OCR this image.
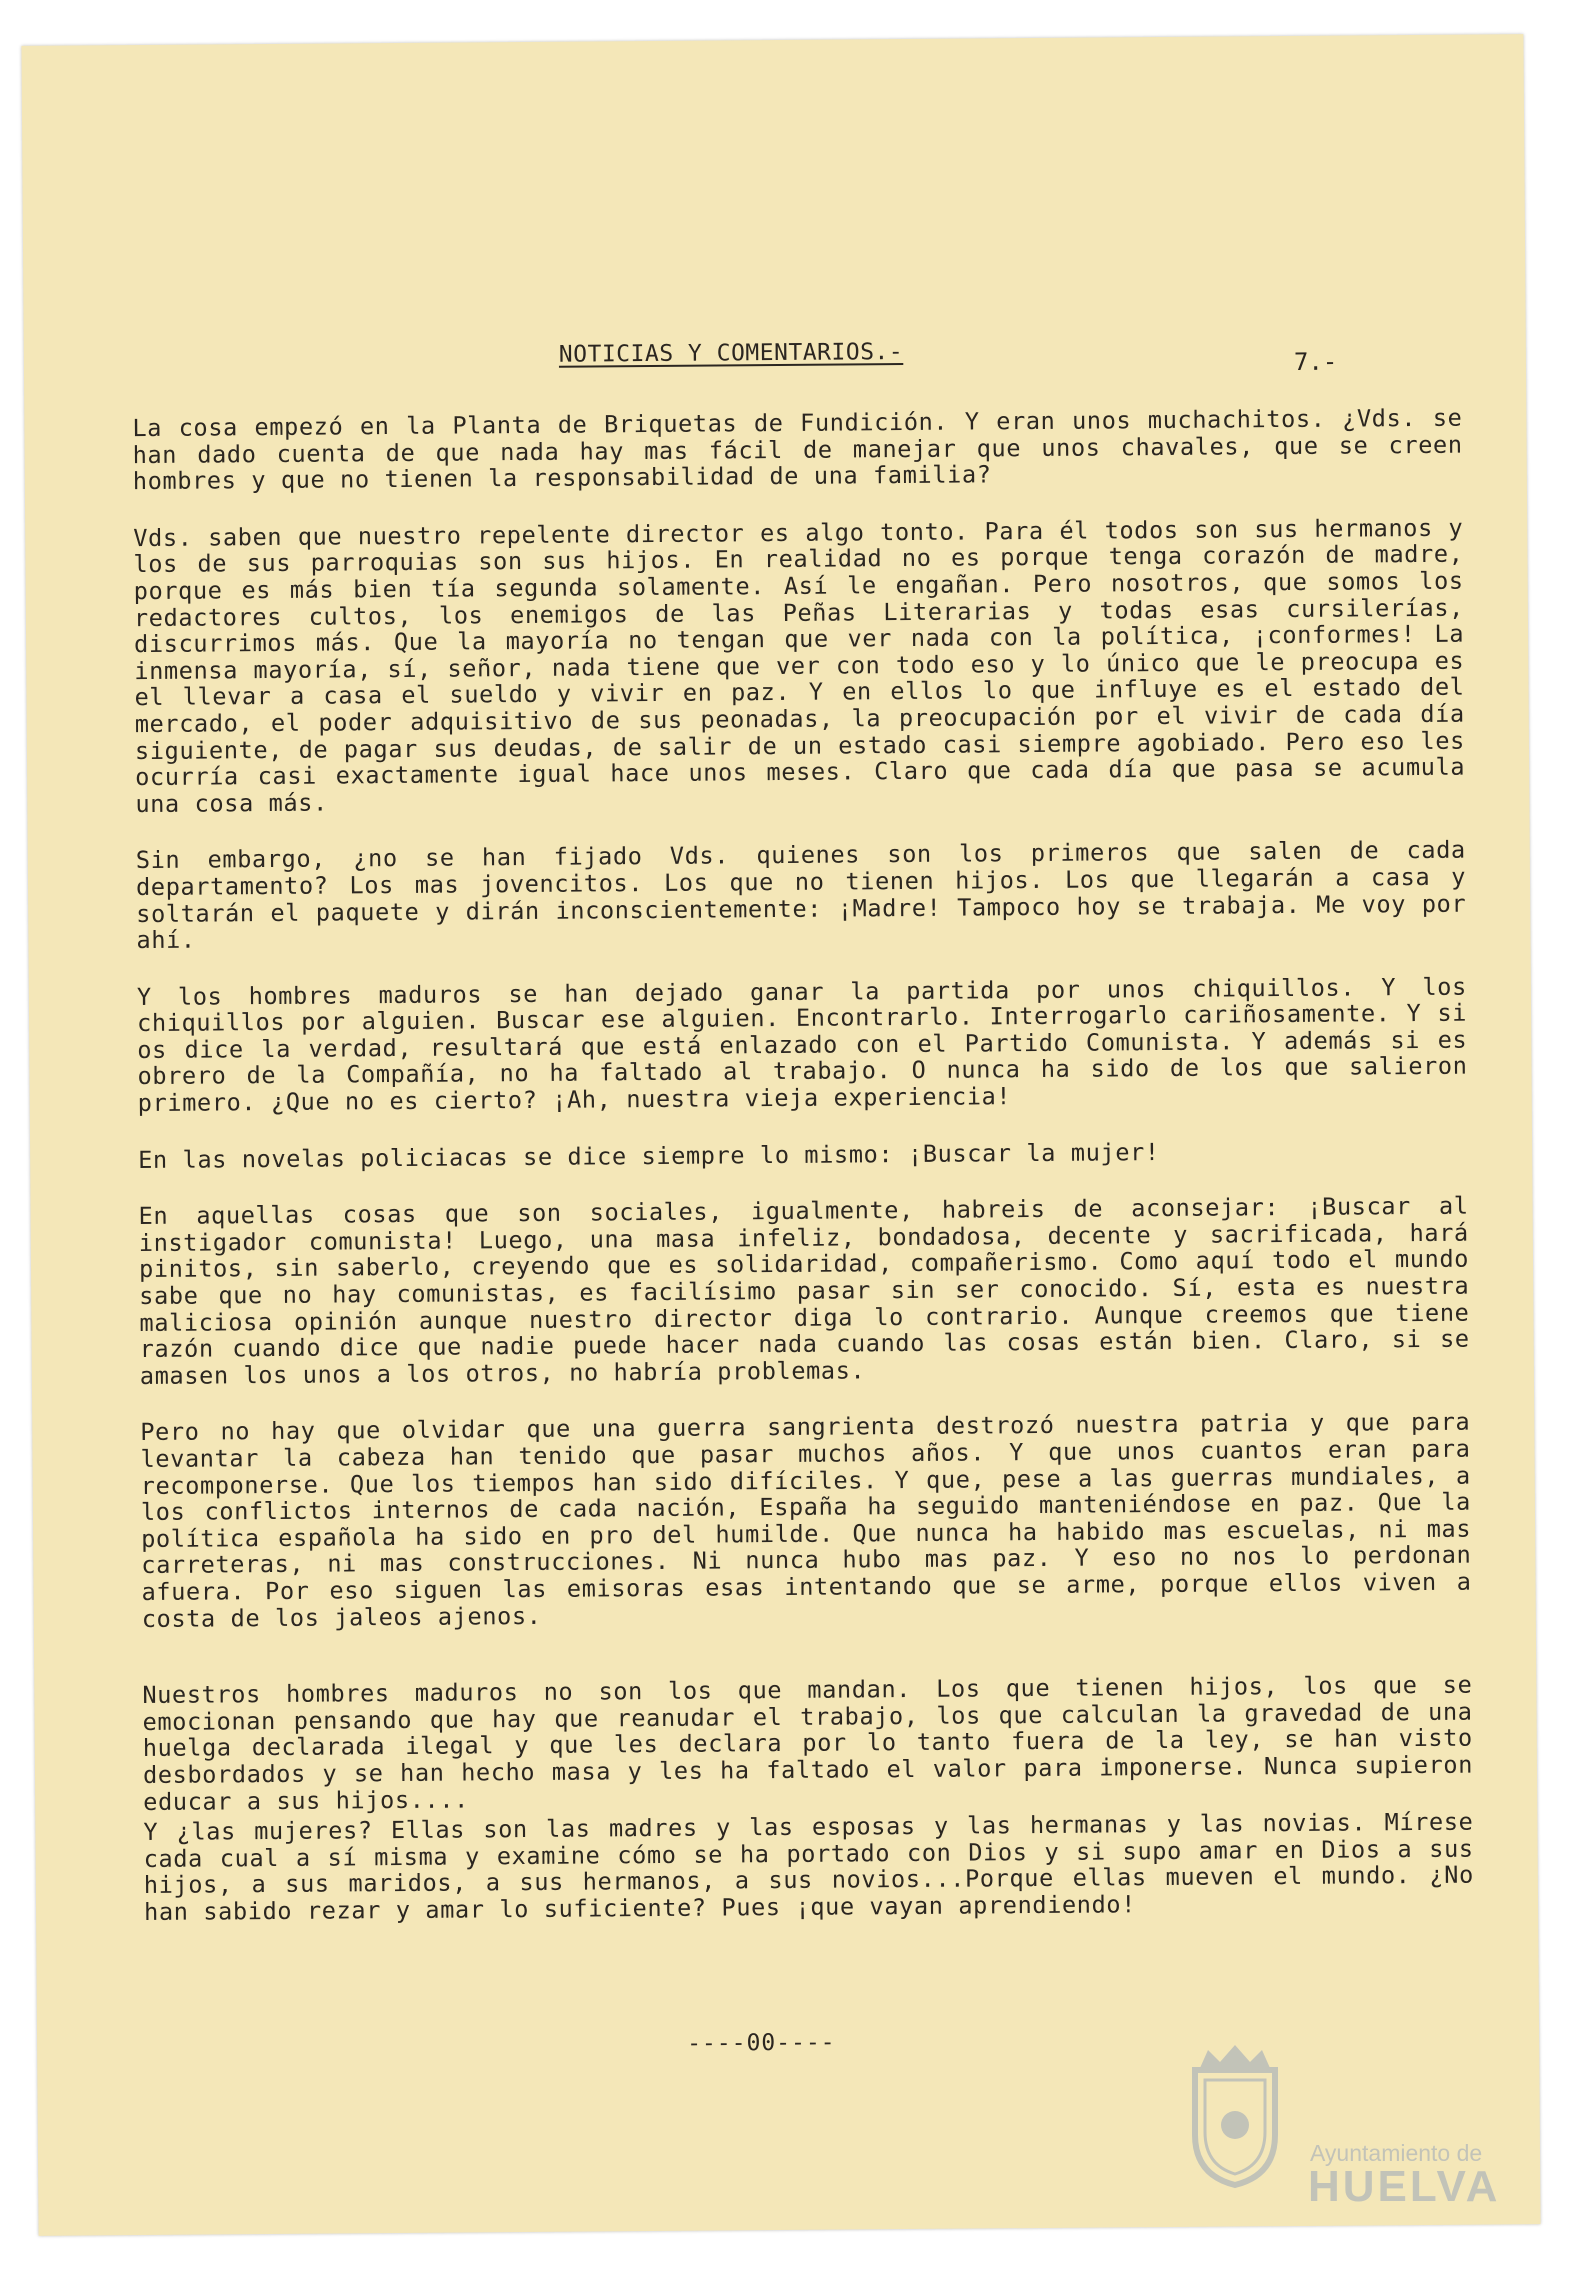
NOTICIAS Y COMENTARIOS.-	7.-

La cosa empezó en la Planta de Briquetas de Fundición. Y eran unos muchachitos. ¿Vds. se han dado cuenta de que nada hay mas fácil de manejar que unos chavales, que se creen hombres y que no tienen la responsabilidad de una familia?

Vds. saben que nuestro repelente director es algo tonto. Para él todos son sus hermanos y los de sus parroquias son sus hijos. En realidad no es porque tenga corazón de madre, porque es más bien tía segunda solamente. Así le engañan. Pero nosotros, que somos los redactores cultos, los enemigos de las Peñas Literarias y todas esas cursilerías, discurrimos más. Que la mayoría no tengan que ver nada con la política, ¡conformes! La inmensa mayoría, sí, señor, nada tiene que ver con todo eso y lo único que le preocupa es el llevar a casa el sueldo y vivir en paz. Y en ellos lo que influye es el estado del mercado, el poder adquisitivo de sus peonadas, la preocupación por el vivir de cada día siguiente, de pagar sus deudas, de salir de un estado casi siempre agobiado. Pero eso les ocurría casi exactamente igual hace unos meses. Claro que cada día que pasa se acumula una cosa más.

Sin embargo, ¿no se han fijado Vds. quienes son los primeros que salen de cada departamento? Los mas jovencitos. Los que no tienen hijos. Los que llegarán a casa y soltarán el paquete y dirán inconscientemente: ¡Madre! Tampoco hoy se trabaja. Me voy por ahí.

Y los hombres maduros se han dejado ganar la partida por unos chiquillos. Y los chiquillos por alguien. Buscar ese alguien. Encontrarlo. Interrogarlo cariñosamente. Y si os dice la verdad, resultará que está enlazado con el Partido Comunista. Y además si es obrero de la Compañía, no ha faltado al trabajo. O nunca ha sido de los que salieron primero. ¿Que no es cierto? ¡Ah, nuestra vieja experiencia!

En las novelas policiacas se dice siempre lo mismo: ¡Buscar la mujer!

En aquellas cosas que son sociales, igualmente, habreis de aconsejar: ¡Buscar al instigador comunista! Luego, una masa infeliz, bondadosa, decente y sacrificada, hará pinitos, sin saberlo, creyendo que es solidaridad, compañerismo. Como aquí todo el mundo sabe que no hay comunistas, es facilísimo pasar sin ser conocido. Sí, esta es nuestra maliciosa opinión aunque nuestro director diga lo contrario. Aunque creemos que tiene razón cuando dice que nadie puede hacer nada cuando las cosas están bien. Claro, si se amasen los unos a los otros, no habría problemas.

Pero no hay que olvidar que una guerra sangrienta destrozó nuestra patria y que para levantar la cabeza han tenido que pasar muchos años. Y que unos cuantos eran para recomponerse. Que los tiempos han sido difíciles. Y que, pese a las guerras mundiales, a los conflictos internos de cada nación, España ha seguido manteniéndose en paz. Que la política española ha sido en pro del humilde. Que nunca ha habido mas escuelas, ni mas carreteras, ni mas construcciones. Ni nunca hubo mas paz. Y eso no nos lo perdonan afuera. Por eso siguen las emisoras esas intentando que se arme, porque ellos viven a costa de los jaleos ajenos.

Nuestros hombres maduros no son los que mandan. Los que tienen hijos, los que se emocionan pensando que hay que reanudar el trabajo, los que calculan la gravedad de una huelga declarada ilegal y que les declara por lo tanto fuera de la ley, se han visto desbordados y se han hecho masa y les ha faltado el valor para imponerse. Nunca supieron educar a sus hijos....

Y ¿las mujeres? Ellas son las madres y las esposas y las hermanas y las novias. Mírese cada cual a sí misma y examine cómo se ha portado con Dios y si supo amar en Dios a sus hijos, a sus maridos, a sus hermanos, a sus novios...Porque ellas mueven el mundo. ¿No han sabido rezar y amar lo suficiente? Pues ¡que vayan aprendiendo!

----00----
Ayuntamiento de
HUELVA
